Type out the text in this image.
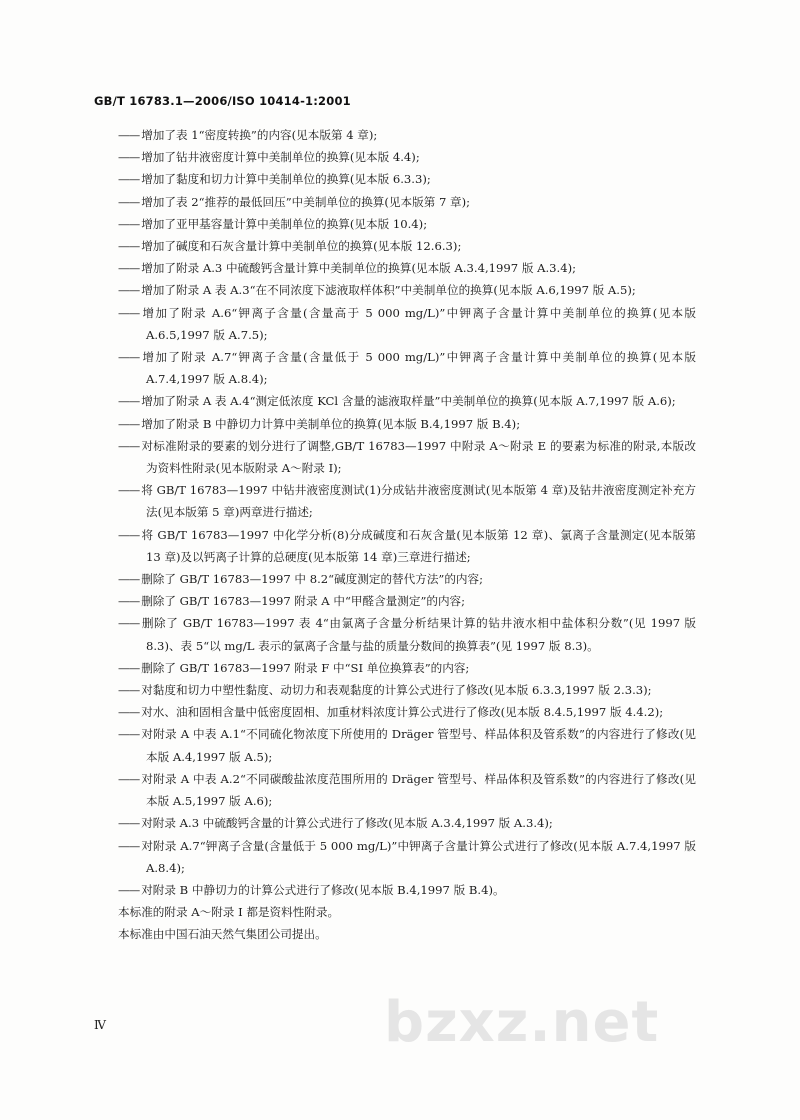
GB/T 16783.1—2006/ISO 10414-1:2001

—— 增加了表 1“密度转换”的内容(见本版第 4 章);

—— 增加了钻井液密度计算中美制单位的换算(见本版 4.4);

—— 增加了黏度和切力计算中美制单位的换算(见本版 6.3.3);

—— 增加了表 2“推荐的最低回压”中美制单位的换算(见本版第 7 章);

—— 增加了亚甲基容量计算中美制单位的换算(见本版 10.4);

—— 增加了碱度和石灰含量计算中美制单位的换算(见本版 12.6.3);

—— 增加了附录 A.3 中硫酸钙含量计算中美制单位的换算(见本版 A.3.4,1997 版 A.3.4);

—— 增加了附录 A 表 A.3“在不同浓度下滤液取样体积”中美制单位的换算(见本版 A.6,1997 版 A.5);

—— 增加了附录 A.6“钾离子含量(含量高于 5 000 mg/L)”中钾离子含量计算中美制单位的换算(见本版 A.6.5,1997 版 A.7.5);

—— 增加了附录 A.7“钾离子含量(含量低于 5 000 mg/L)”中钾离子含量计算中美制单位的换算(见本版 A.7.4,1997 版 A.8.4);

—— 增加了附录 A 表 A.4“测定低浓度 KCl 含量的滤液取样量”中美制单位的换算(见本版 A.7,1997 版 A.6);

—— 增加了附录 B 中静切力计算中美制单位的换算(见本版 B.4,1997 版 B.4);

—— 对标准附录的要素的划分进行了调整,GB/T 16783—1997 中附录 A～附录 E 的要素为标准的附录,本版改为资料性附录(见本版附录 A～附录 I);

—— 将 GB/T 16783—1997 中钻井液密度测试(1)分成钻井液密度测试(见本版第 4 章)及钻井液密度测定补充方法(见本版第 5 章)两章进行描述;

—— 将 GB/T 16783—1997 中化学分析(8)分成碱度和石灰含量(见本版第 12 章)、氯离子含量测定(见本版第 13 章)及以钙离子计算的总硬度(见本版第 14 章)三章进行描述;

—— 删除了 GB/T 16783—1997 中 8.2“碱度测定的替代方法”的内容;

—— 删除了 GB/T 16783—1997 附录 A 中“甲醛含量测定”的内容;

—— 删除了 GB/T 16783—1997 表 4“由氯离子含量分析结果计算的钻井液水相中盐体积分数”(见 1997 版 8.3)、表 5“以 mg/L 表示的氯离子含量与盐的质量分数间的换算表”(见 1997 版 8.3)。

—— 删除了 GB/T 16783—1997 附录 F 中“SI 单位换算表”的内容;

—— 对黏度和切力中塑性黏度、动切力和表观黏度的计算公式进行了修改(见本版 6.3.3,1997 版 2.3.3);

—— 对水、油和固相含量中低密度固相、加重材料浓度计算公式进行了修改(见本版 8.4.5,1997 版 4.4.2);

—— 对附录 A 中表 A.1“不同硫化物浓度下所使用的 Dräger 管型号、样品体积及管系数”的内容进行了修改(见本版 A.4,1997 版 A.5);

—— 对附录 A 中表 A.2“不同碳酸盐浓度范围所用的 Dräger 管型号、样品体积及管系数”的内容进行了修改(见本版 A.5,1997 版 A.6);

—— 对附录 A.3 中硫酸钙含量的计算公式进行了修改(见本版 A.3.4,1997 版 A.3.4);

—— 对附录 A.7“钾离子含量(含量低于 5 000 mg/L)”中钾离子含量计算公式进行了修改(见本版 A.7.4,1997 版 A.8.4);

—— 对附录 B 中静切力的计算公式进行了修改(见本版 B.4,1997 版 B.4)。

本标准的附录 A～附录 I 都是资料性附录。

本标准由中国石油天然气集团公司提出。

Ⅳ	bzxz.net
